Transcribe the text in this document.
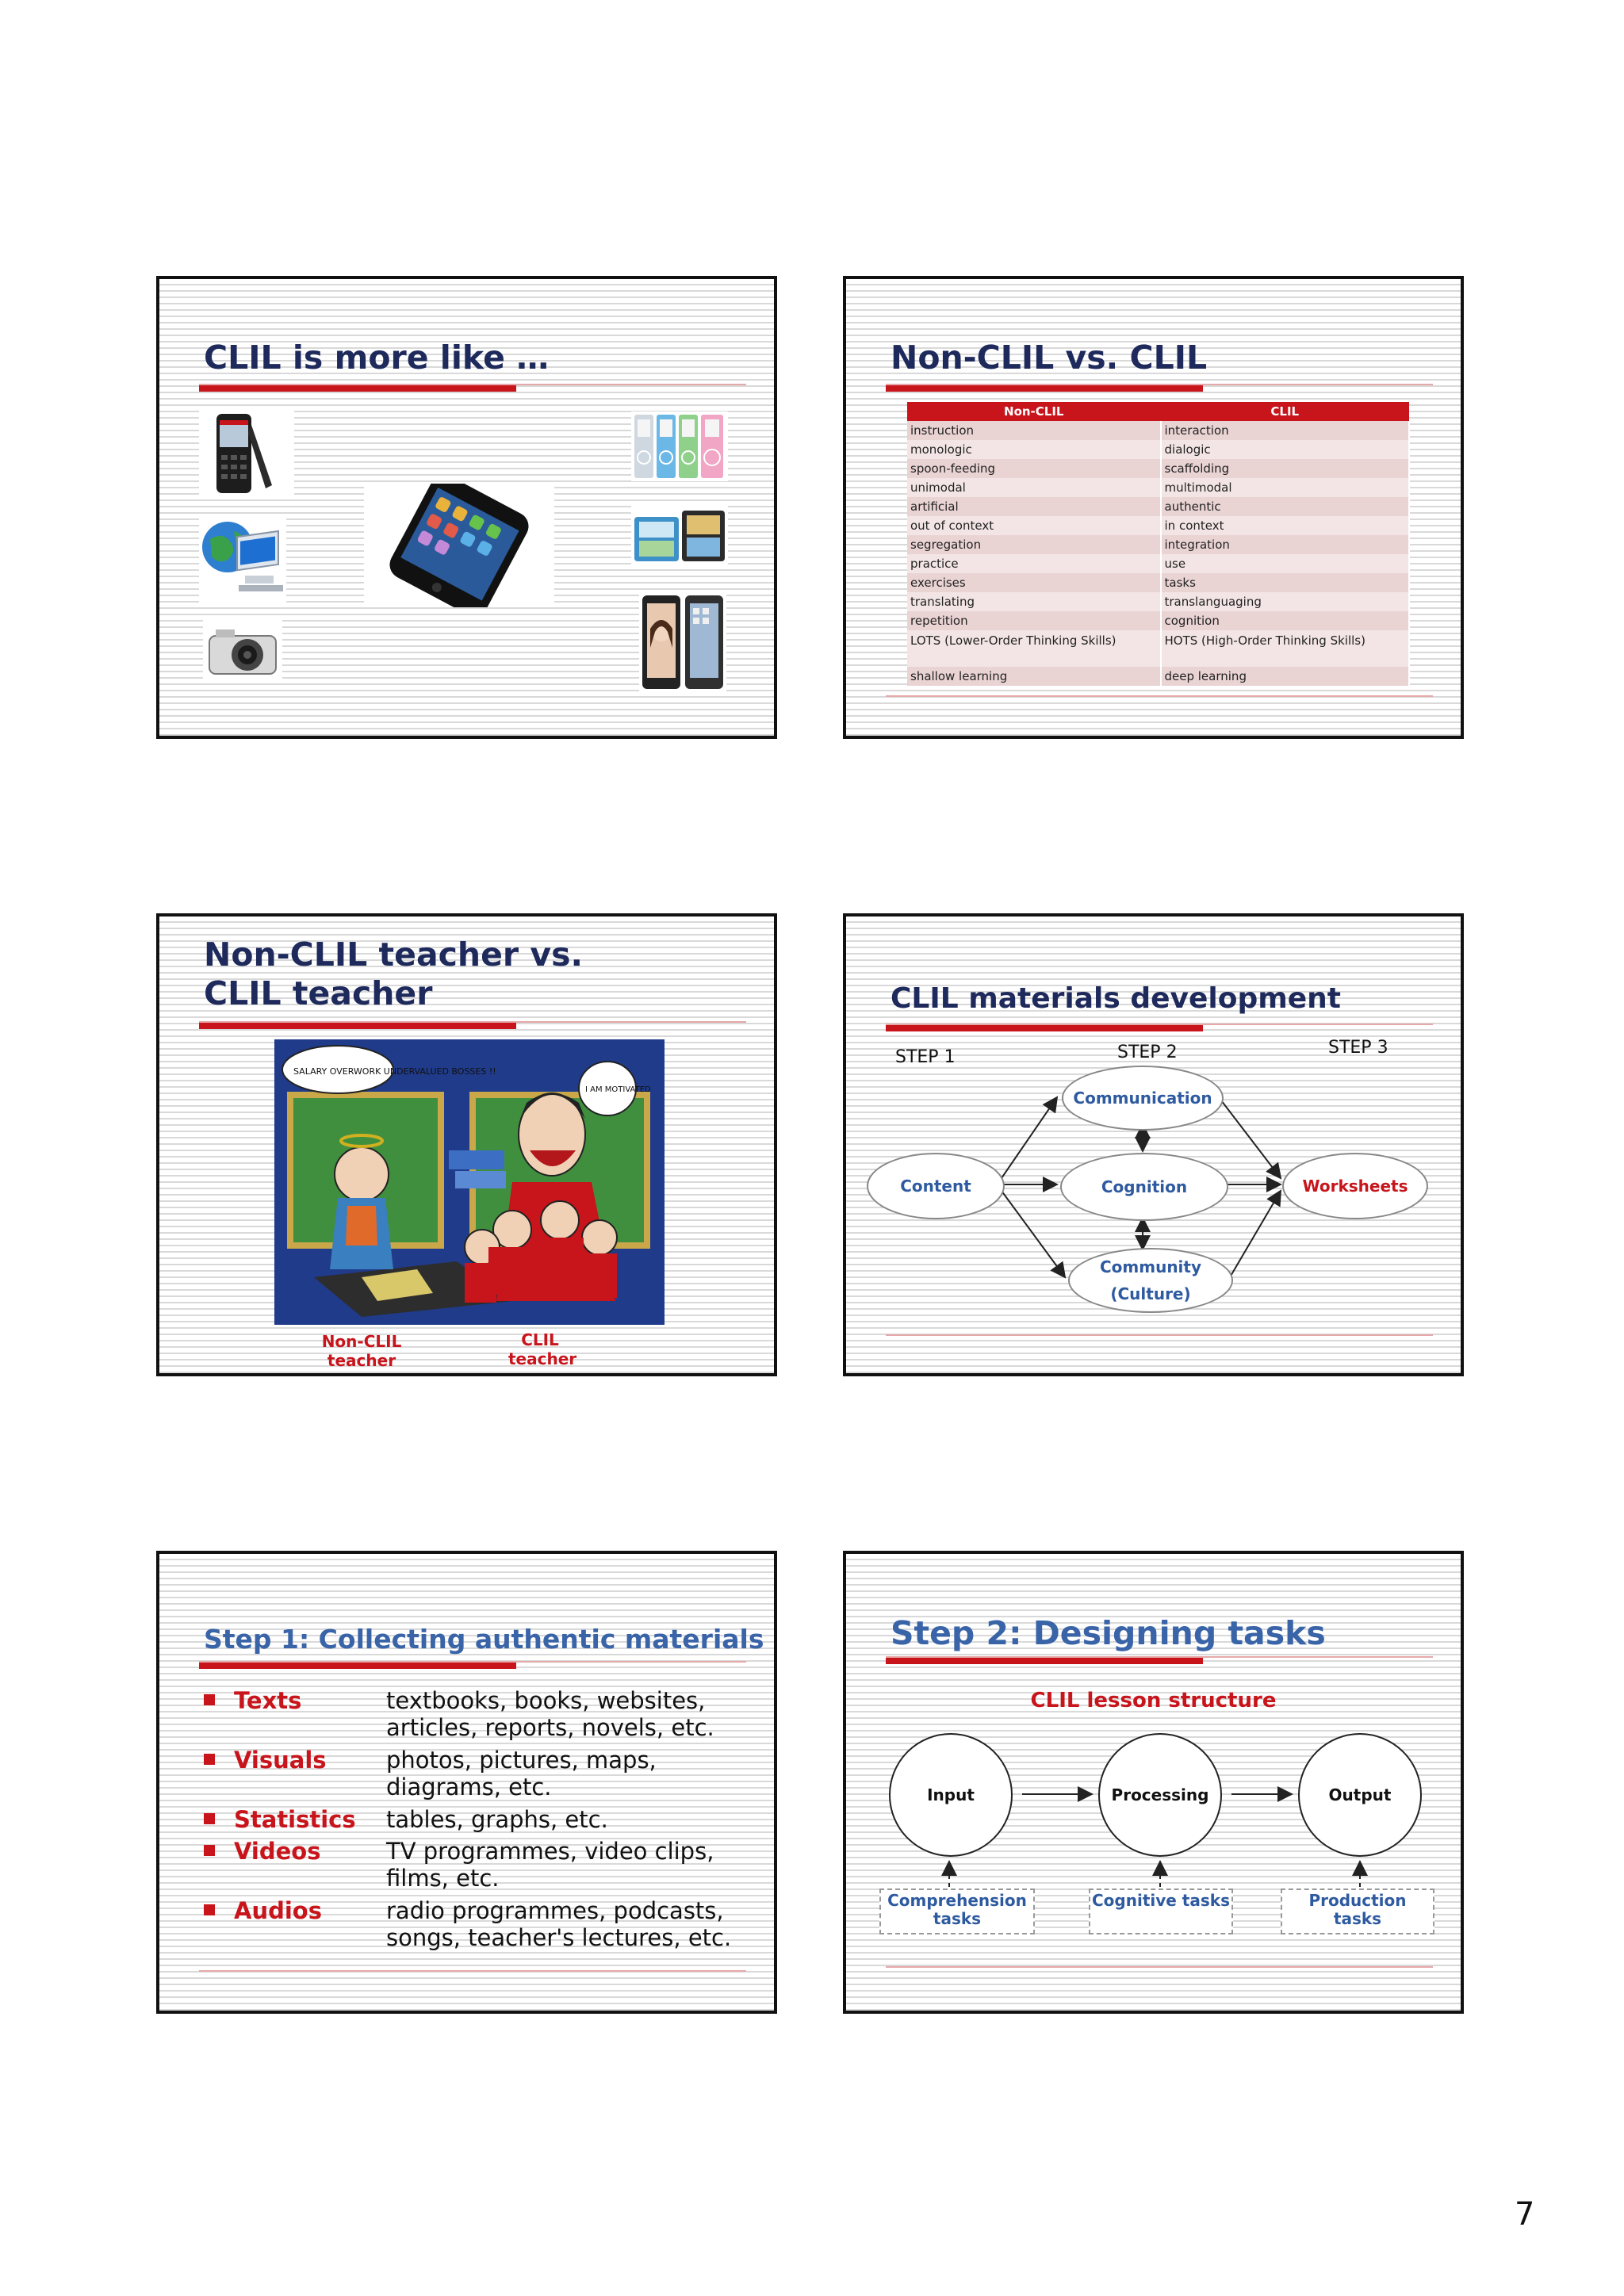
CLIL is more like …	Non-CLIL vs. CLIL
Non-CLIL	CLIL
instruction	interaction
monologic	dialogic
spoon-feeding	scaffolding
unimodal	multimodal
artificial	authentic
out of context	in context
segregation	integration
practice	use
exercises	tasks
translating	translanguaging
repetition	cognition
LOTS (Lower-Order Thinking Skills)	HOTS (High-Order Thinking Skills)
shallow learning	deep learning
Non-CLIL teacher vs.
CLIL teacher
SALARY OVERWORK UNDERVALUED BOSSES !!
I AM MOTIVATED
Non-CLIL teacher
CLIL teacher
CLIL materials development
STEP 1	STEP 2	STEP 3
Content
Communication
Cognition
Community
(Culture)
Worksheets
Step 1: Collecting authentic materials
Texts	textbooks, books, websites, articles, reports, novels, etc.
Visuals	photos, pictures, maps, diagrams, etc.
Statistics tables, graphs, etc.
Videos	TV programmes, video clips, films, etc.
Audios	radio programmes, podcasts, songs, teacher's lectures, etc.
Step 2: Designing tasks
CLIL lesson structure
Input	Processing	Output
Comprehension tasks
Cognitive tasks	Production tasks
7
